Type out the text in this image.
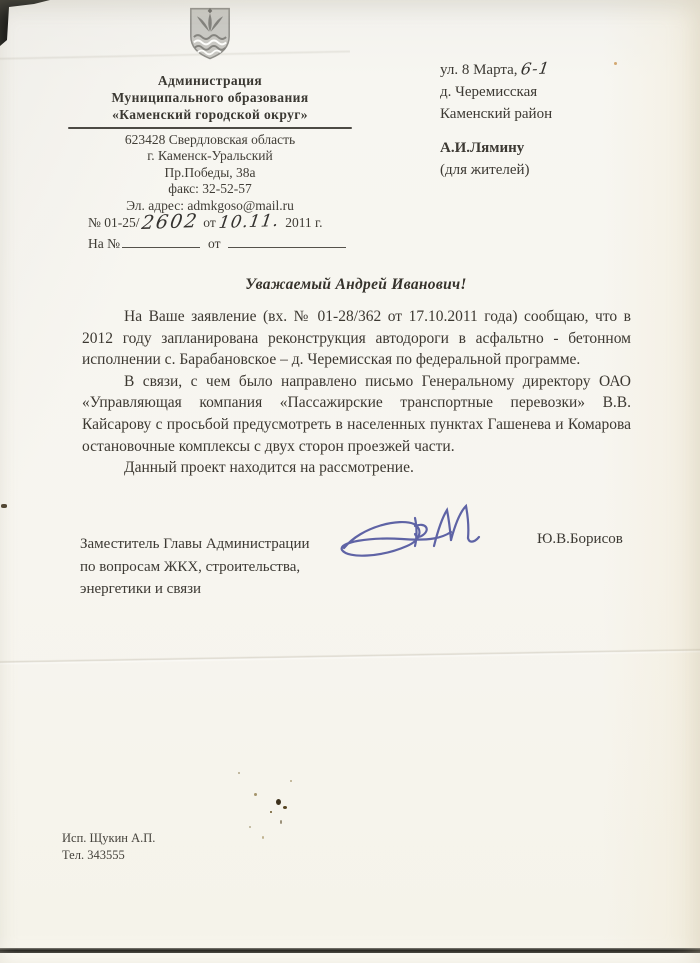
Администрация
Муниципального образования
«Каменский городской округ»
623428 Свердловская область
г. Каменск-Уральский
Пр.Победы, 38а
факс: 32-52-57
Эл. адрес: admkgoso@mail.ru
№ 01-25/2602 от10.11. 2011 г.
На №	от
ул. 8 Марта, 6-1
д. Черемисская
Каменский район
А.И.Лямину
(для жителей)
Уважаемый Андрей Иванович!

На Ваше заявление (вх. № 01-28/362 от 17.10.2011 года) сообщаю, что в 2012 году запланирована реконструкция автодороги в асфальтно - бетонном исполнении с. Барабановское – д. Черемисская по федеральной программе.

В связи, с чем было направлено письмо Генеральному директору ОАО «Управляющая компания «Пассажирские транспортные перевозки» В.В. Кайсарову с просьбой предусмотреть в населенных пунктах Гашенева и Комарова остановочные комплексы с двух сторон проезжей части.

Данный проект находится на рассмотрение.

Заместитель Главы Администрации
по вопросам ЖКХ, строительства,
энергетики и связи
Ю.В.Борисов
Исп. Щукин А.П.
Тел. 343555
